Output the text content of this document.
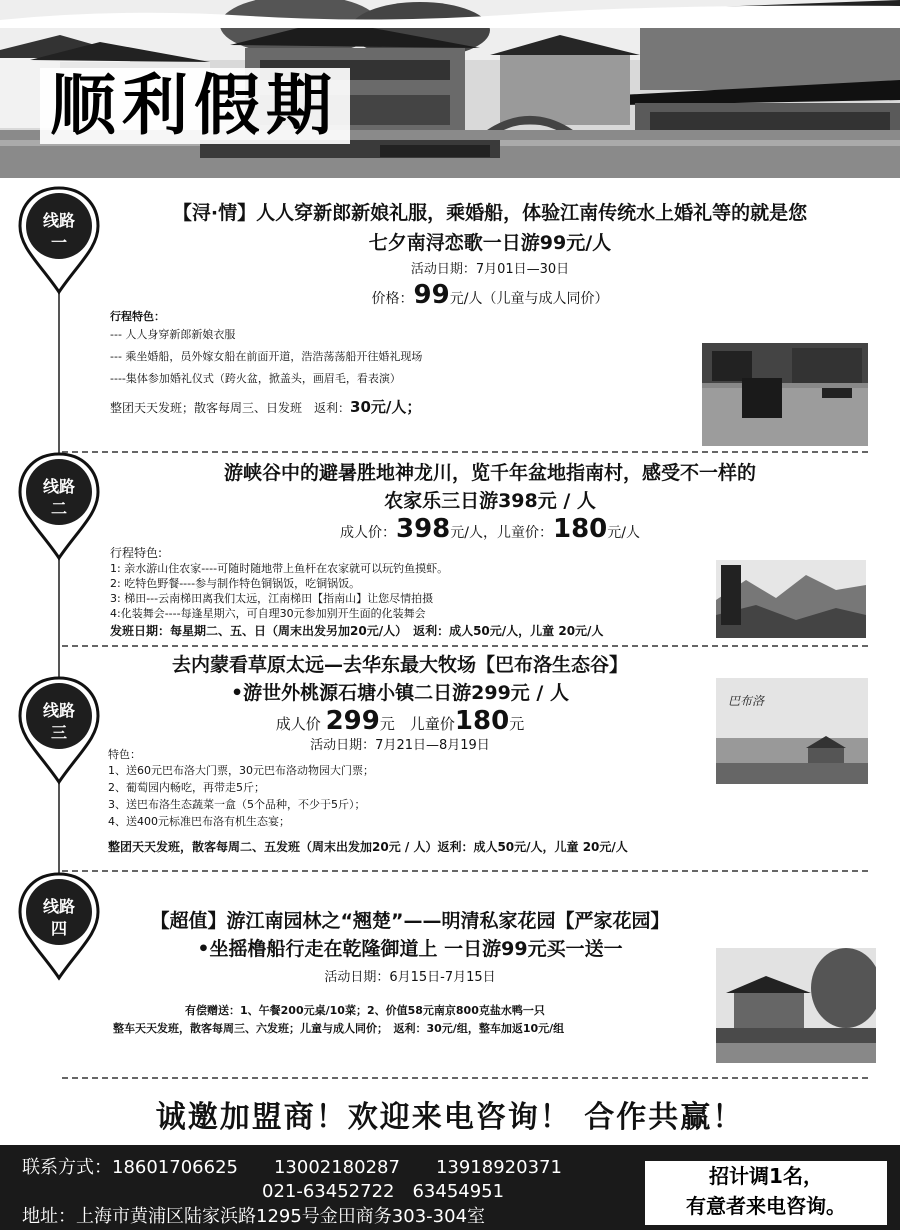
顺利假期
线路
一
【浔·情】人人穿新郎新娘礼服，乘婚船，体验江南传统水上婚礼等的就是您
七夕南浔恋歌一日游99元/人
活动日期：7月01日—30日
价格：99元/人（儿童与成人同价）
行程特色：
--- 人人身穿新郎新娘衣服
--- 乘坐婚船，员外嫁女船在前面开道，浩浩荡荡船开往婚礼现场
----集体参加婚礼仪式（跨火盆，掀盖头，画眉毛，看表演）
整团天天发班；散客每周三、日发班　返利：30元/人；
线路
二
游峡谷中的避暑胜地神龙川，览千年盆地指南村，感受不一样的
农家乐三日游398元 / 人
成人价：398元/人，儿童价：180元/人
行程特色:
1: 亲水游山住农家----可随时随地带上鱼杆在农家就可以玩钓鱼摸虾。
2: 吃特色野餐----参与制作特色铜锅饭，吃铜锅饭。
3: 梯田---云南梯田离我们太远，江南梯田【指南山】让您尽情拍摄
4:化装舞会----每逢星期六，可自理30元参加别开生面的化装舞会
发班日期：每星期二、五、日（周末出发另加20元/人）　返利：成人50元/人，儿童 20元/人
线路
三
去内蒙看草原太远—去华东最大牧场【巴布洛生态谷】
•游世外桃源石塘小镇二日游299元 / 人
成人价 299元　 儿童价180元
活动日期：7月21日—8月19日
特色：
1、送60元巴布洛大门票，30元巴布洛动物园大门票；
2、葡萄园内畅吃，再带走5斤；
3、送巴布洛生态蔬菜一盒（5个品种，不少于5斤）；
4、送400元标准巴布洛有机生态宴；
整团天天发班，散客每周二、五发班（周末出发加20元 / 人）返利：成人50元/人，儿童 20元/人
巴布洛
线路
四	【超值】游江南园林之“翘楚”——明清私家花园【严家花园】
•坐摇橹船行走在乾隆御道上 一日游99元买一送一
活动日期：6月15日-7月15日
有偿赠送：1、午餐200元桌/10菜；2、价值58元南京800克盐水鸭一只
整车天天发班，散客每周三、六发班；儿童与成人同价；　返利：30元/组，整车加返10元/组
诚邀加盟商！欢迎来电咨询！ 合作共赢！
联系方式：18601706625　　13002180287　　13918920371
021-63452722　63454951
地址：上海市黄浦区陆家浜路1295号金田商务303-304室
招计调1名，
有意者来电咨询。
